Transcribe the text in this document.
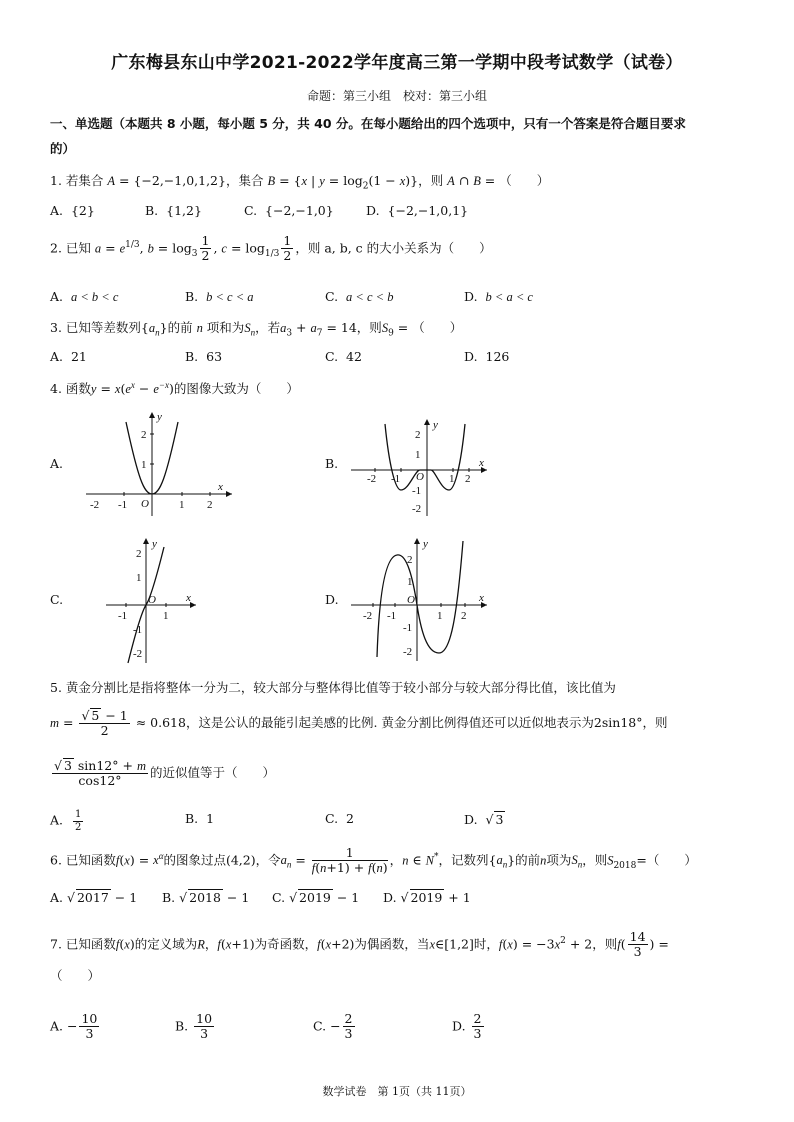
广东梅县东山中学2021-2022学年度高三第一学期中段考试数学（试卷）
命题：第三小组　校对：第三小组
一、单选题（本题共 8 小题，每小题 5 分，共 40 分。在每小题给出的四个选项中，只有一个答案是符合题目要求
的）
1. 若集合 A = {−2,−1,0,1,2}，集合 B = {x | $y = \log_2(1 - x)$}，则 A ∩ B = （　　）
A. {2}	B. {1,2}	C. {−2,−1,0}	D. {−2,−1,0,1}
2. 已知 $a = e^{1/3}$, $b = \log_3 \frac{1}{2}$ , $c = \log_{1/3} \frac{1}{2}$ ，则 a, b, c 的大小关系为（　　）
A. a < b < c	B. b < c < a	C. a < c < b	D. b < a < c
3. 已知等差数列$\{a_n\}$的前 n 项和为$S_n$，若$a_3 + a_7 = 14$，则$S_9$ = （　　）
A. 21	B. 63	C. 42	D. 126
4. 函数$y = x(e^x - e^{-x})$的图像大致为（　　）
A.	B.
C.	D.
-2 -1 O	1 2
2
1
x
y
-2 -1 O 1 2
2
1
-1
-2
x
y
-1
O
1
2
1
-1
-2
x
y
-2 -1
O
1 2
2
1
-1
-2
x
y
5. 黄金分割比是指将整体一分为二，较大部分与整体得比值等于较小部分与较大部分得比值，该比值为
$m = \frac{√ 5 - 1}{2} \approx 0.618$，这是公认的最能引起美感的比例. 黄金分割比例得值还可以近似地表示为2sin18°，则
$\frac{√ 3 \sin 12^\circ + m}{\cos 12^\circ}$ 的近似值等于（　　）
A. $\frac{1}{2}$	B. 1	C. 2	D. √ 3
6. 已知函数$f(x) = x^\alpha$的图象过点(4,2)，令$a_n = \frac{1}{f(n+1) + f(n)}$ ，n ∈ N*，记数列$\{a_n\}$的前n项为$S_n$，则$S_{2018}=$（　　）
A. √ 2017 − 1 B. √ 2018 − 1 C. √ 2019 − 1 D. √ 2019 + 1
7. 已知函数f(x)的定义域为R，f(x+1)为奇函数，f(x+2)为偶函数，当x∈[1,2]时，$f(x) = -3x^2 + 2$，则$f( \frac{14}{3}$ ) =
（　　）
A. − $\frac{10}{3}$	B. $\frac{10}{3}$	C. − $\frac{2}{3}$	D. $\frac{2}{3}$
数学试卷　第 1页（共 11页）
